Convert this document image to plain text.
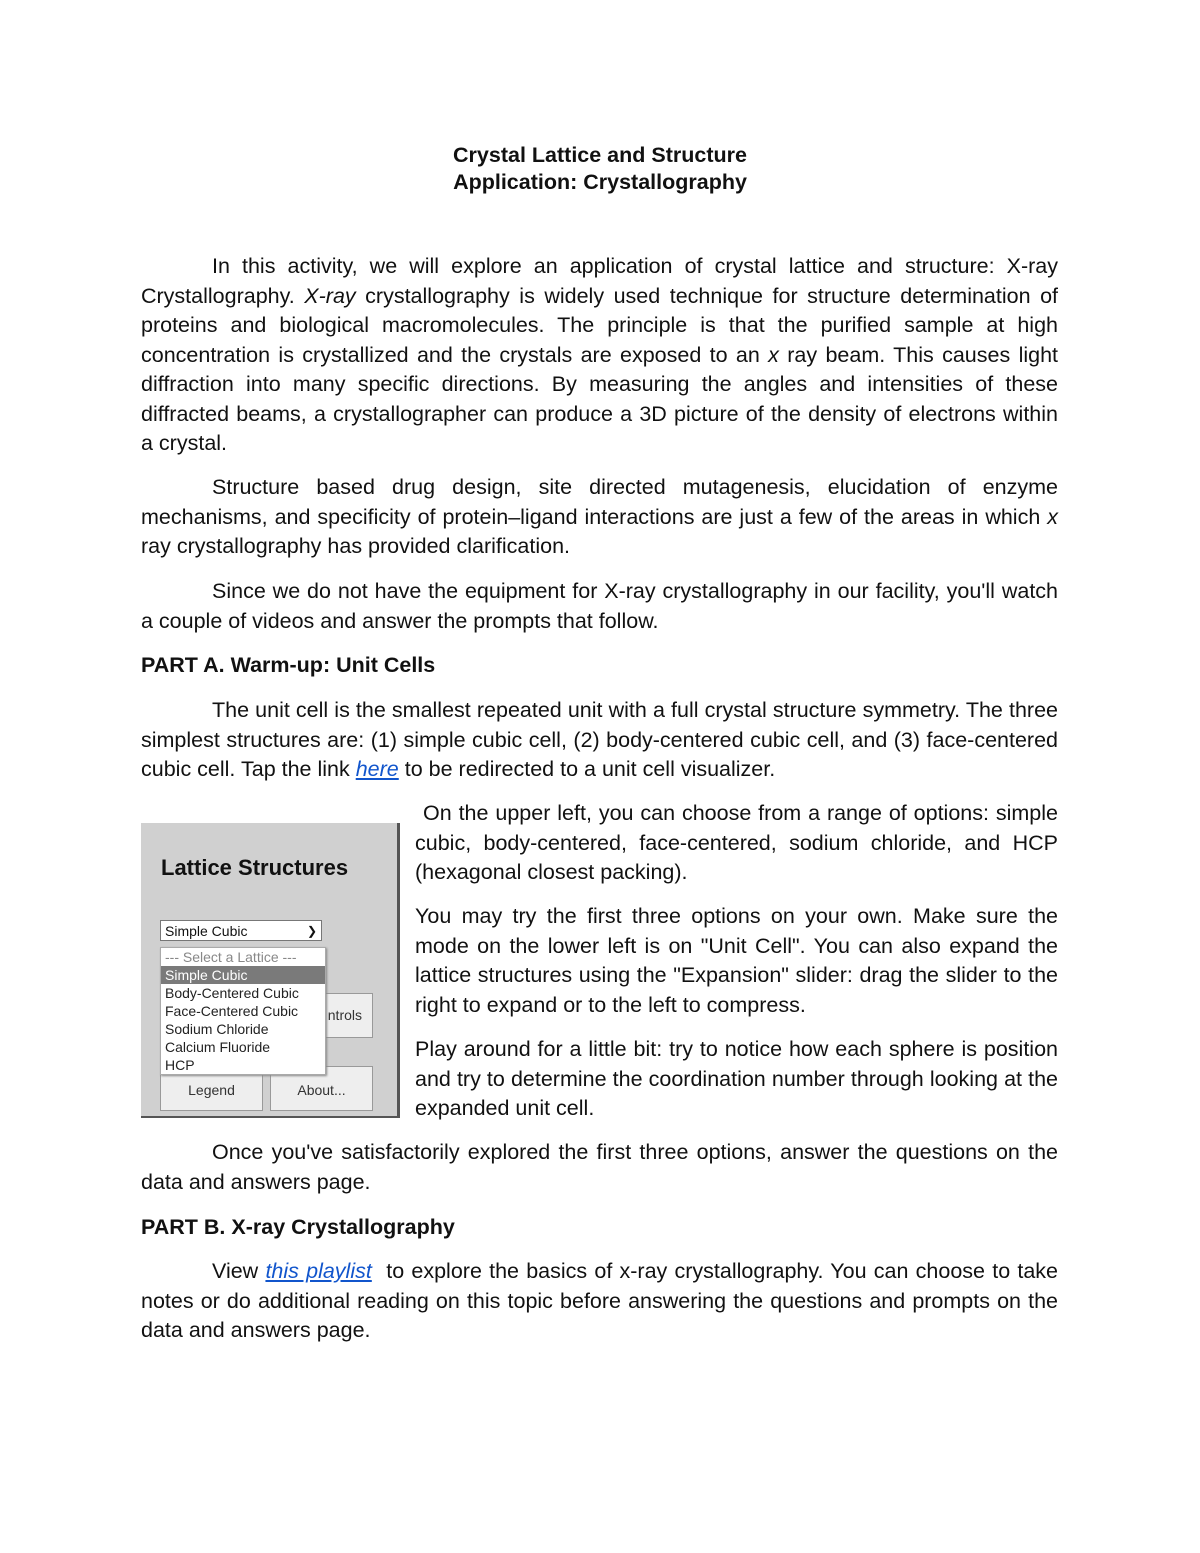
Crystal Lattice and Structure
Application: Crystallography

In this activity, we will explore an application of crystal lattice and structure: X-ray Crystallography. X-ray crystallography is widely used technique for structure determination of proteins and biological macromolecules. The principle is that the purified sample at high concentration is crystallized and the crystals are exposed to an x ray beam. This causes light diffraction into many specific directions. By measuring the angles and intensities of these diffracted beams, a crystallographer can produce a 3D picture of the density of electrons within a crystal.

Structure based drug design, site directed mutagenesis, elucidation of enzyme mechanisms, and specificity of protein–ligand interactions are just a few of the areas in which x ray crystallography has provided clarification.

Since we do not have the equipment for X-ray crystallography in our facility, you'll watch a couple of videos and answer the prompts that follow.

PART A. Warm-up: Unit Cells

The unit cell is the smallest repeated unit with a full crystal structure symmetry. The three simplest structures are: (1) simple cubic cell, (2) body-centered cubic cell, and (3) face-centered cubic cell. Tap the link here to be redirected to a unit cell visualizer.

Lattice Structures
Simple Cubic	❯
ntrols
Legend	About...
--- Select a Lattice ---
Simple Cubic
Body-Centered Cubic
Face-Centered Cubic
Sodium Chloride
Calcium Fluoride
HCP

On the upper left, you can choose from a range of options: simple cubic, body-centered, face-centered, sodium chloride, and HCP (hexagonal closest packing).

You may try the first three options on your own. Make sure the mode on the lower left is on "Unit Cell". You can also expand the lattice structures using the "Expansion" slider: drag the slider to the right to expand or to the left to compress.

Play around for a little bit: try to notice how each sphere is position and try to determine the coordination number through looking at the expanded unit cell.

Once you've satisfactorily explored the first three options, answer the questions on the data and answers page.

PART B. X-ray Crystallography

View this playlist  to explore the basics of x-ray crystallography. You can choose to take notes or do additional reading on this topic before answering the questions and prompts on the data and answers page.
